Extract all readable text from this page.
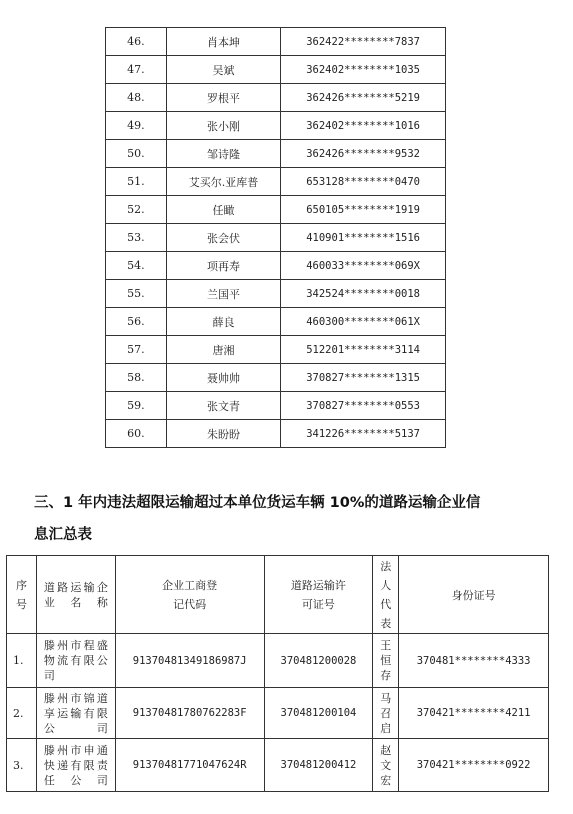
46.	肖本坤	362422********7837
47.	吴斌	362402********1035
48.	罗根平	362426********5219
49.	张小刚	362402********1016
50.	邹诗隆	362426********9532
51.	艾买尔.亚库普	653128********0470
52.	任瞰	650105********1919
53.	张会伏	410901********1516
54.	项再寿	460033********069X
55.	兰国平	342524********0018
56.	薛良	460300********061X
57.	唐湘	512201********3114
58.	聂帅帅	370827********1315
59.	张文青	370827********0553
60.	朱盼盼	341226********5137
三、1 年内违法超限运输超过本单位货运车辆 10%的道路运输企业信
息汇总表
序号	道路运输企业名称	企业工商登记代码	道路运输许可证号	法人代表	身份证号
1.	滕州市程盛物流有限公司	91370481349186987J	370481200028	王恒存	370481********4333
2.	滕州市锦道享运输有限公司	91370481780762283F	370481200104	马召启	370421********4211
3.	滕州市申通快递有限责任公司	91370481771047624R	370481200412	赵文宏	370421********0922
